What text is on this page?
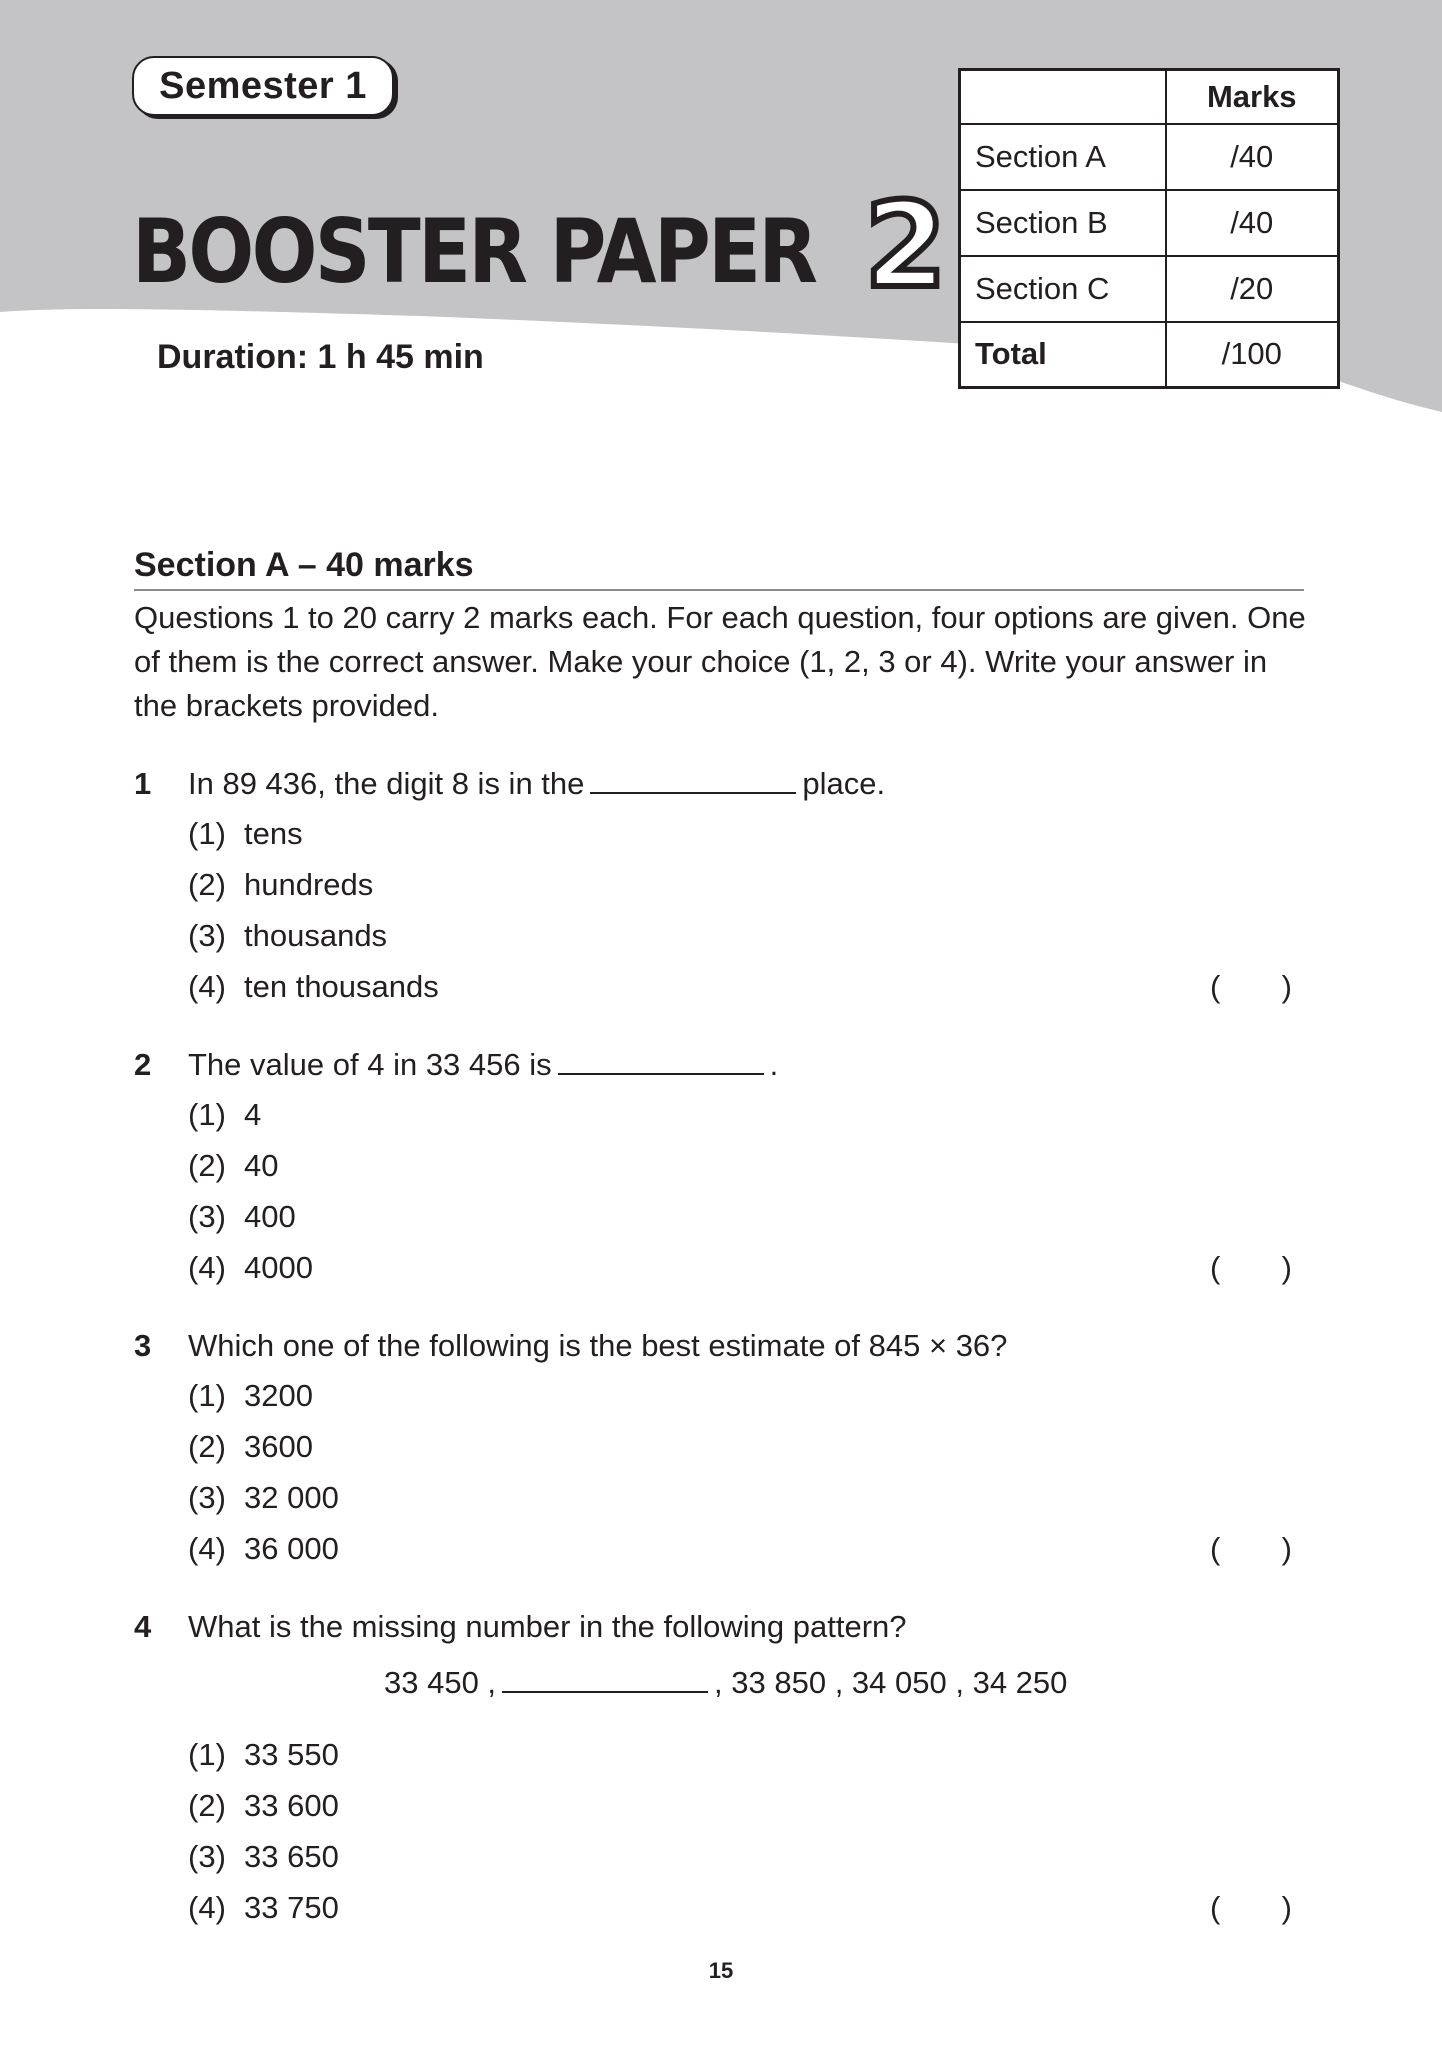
Semester 1
BOOSTER PAPER 2
Duration: 1 h 45 min
	Marks
Section A	/40
Section B	/40
Section C	/20
Total	/100
Section A – 40 marks
Questions 1 to 20 carry 2 marks each. For each question, four options are given. One of them is the correct answer. Make your choice (1, 2, 3 or 4). Write your answer in the brackets provided.
1 In 89 436, the digit 8 is in the	place.
(1) tens
(2) hundreds
(3) thousands
(4) ten thousands	( )
2 The value of 4 in 33 456 is	.
(1) 4
(2) 40
(3) 400
(4) 4000	( )
3 Which one of the following is the best estimate of 845 × 36?
(1) 3200
(2) 3600
(3) 32 000
(4) 36 000	( )
4 What is the missing number in the following pattern?
33 450 ,	, 33 850 , 34 050 , 34 250
(1) 33 550
(2) 33 600
(3) 33 650
(4) 33 750	( )
15
